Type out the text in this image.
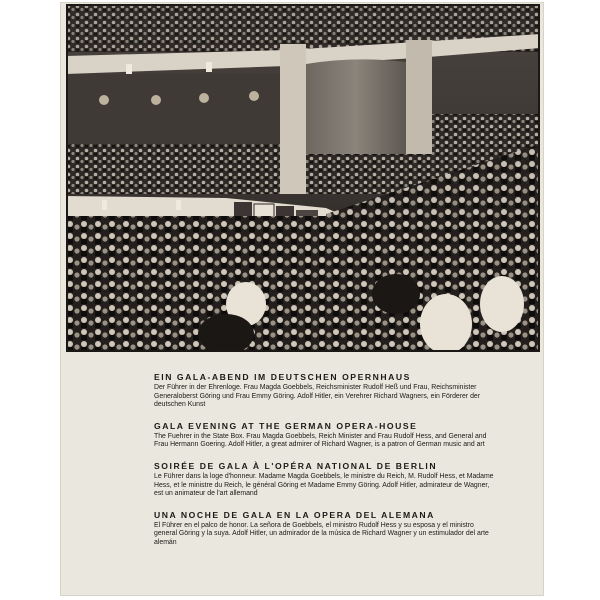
EIN GALA-ABEND IM DEUTSCHEN OPERNHAUS

Der Führer in der Ehrenloge. Frau Magda Goebbels, Reichsminister Rudolf Heß und Frau, Reichsminister Generaloberst Göring und Frau Emmy Göring. Adolf Hitler, ein Verehrer Richard Wagners, ein Förderer der deutschen Kunst

GALA EVENING AT THE GERMAN OPERA-HOUSE

The Fuehrer in the State Box. Frau Magda Goebbels, Reich Minister and Frau Rudolf Hess, and General and Frau Hermann Goering. Adolf Hitler, a great admirer of Richard Wagner, is a patron of German music and art

SOIRÉE DE GALA À L'OPÉRA NATIONAL DE BERLIN

Le Führer dans la loge d'honneur. Madame Magda Goebbels, le ministre du Reich, M. Rudolf Hess, et Madame Hess, et le ministre du Reich, le général Göring et Madame Emmy Göring. Adolf Hitler, admirateur de Wagner, est un animateur de l'art allemand

UNA NOCHE DE GALA EN LA OPERA DEL ALEMANA

El Führer en el palco de honor. La señora de Goebbels, el ministro Rudolf Hess y su esposa y el ministro general Göring y la suya. Adolf Hitler, un admirador de la música de Richard Wagner y un estimulador del arte alemán
